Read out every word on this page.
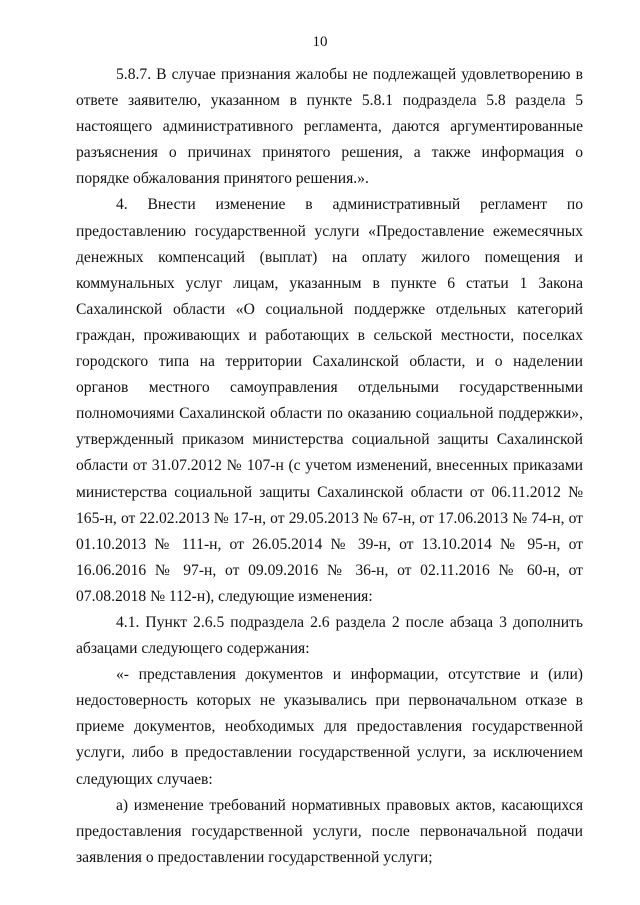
10

5.8.7. В случае признания жалобы не подлежащей удовлетворению в ответе заявителю, указанном в пункте 5.8.1 подраздела 5.8 раздела 5 настоящего административного регламента, даются аргументированные разъяснения о причинах принятого решения, а также информация о порядке обжалования принятого решения.».

4. Внести изменение в административный регламент по предоставлению государственной услуги «Предоставление ежемесячных денежных компенсаций (выплат) на оплату жилого помещения и коммунальных услуг лицам, указанным в пункте 6 статьи 1 Закона Сахалинской области «О социальной поддержке отдельных категорий граждан, проживающих и работающих в сельской местности, поселках городского типа на территории Сахалинской области, и о наделении органов местного самоуправления отдельными государственными полномочиями Сахалинской области по оказанию социальной поддержки», утвержденный приказом министерства социальной защиты Сахалинской области от 31.07.2012 № 107-н (с учетом изменений, внесенных приказами министерства социальной защиты Сахалинской области от 06.11.2012 № 165-н, от 22.02.2013 № 17-н, от 29.05.2013 № 67-н, от 17.06.2013 № 74-н, от 01.10.2013 № 111-н, от 26.05.2014 № 39-н, от 13.10.2014 № 95-н, от 16.06.2016 № 97-н, от 09.09.2016 № 36-н, от 02.11.2016 № 60-н, от 07.08.2018 № 112-н), следующие изменения:

4.1. Пункт 2.6.5 подраздела 2.6 раздела 2 после абзаца 3 дополнить абзацами следующего содержания:

«- представления документов и информации, отсутствие и (или) недостоверность которых не указывались при первоначальном отказе в приеме документов, необходимых для предоставления государственной услуги, либо в предоставлении государственной услуги, за исключением следующих случаев:

а) изменение требований нормативных правовых актов, касающихся предоставления государственной услуги, после первоначальной подачи заявления о предоставлении государственной услуги;
